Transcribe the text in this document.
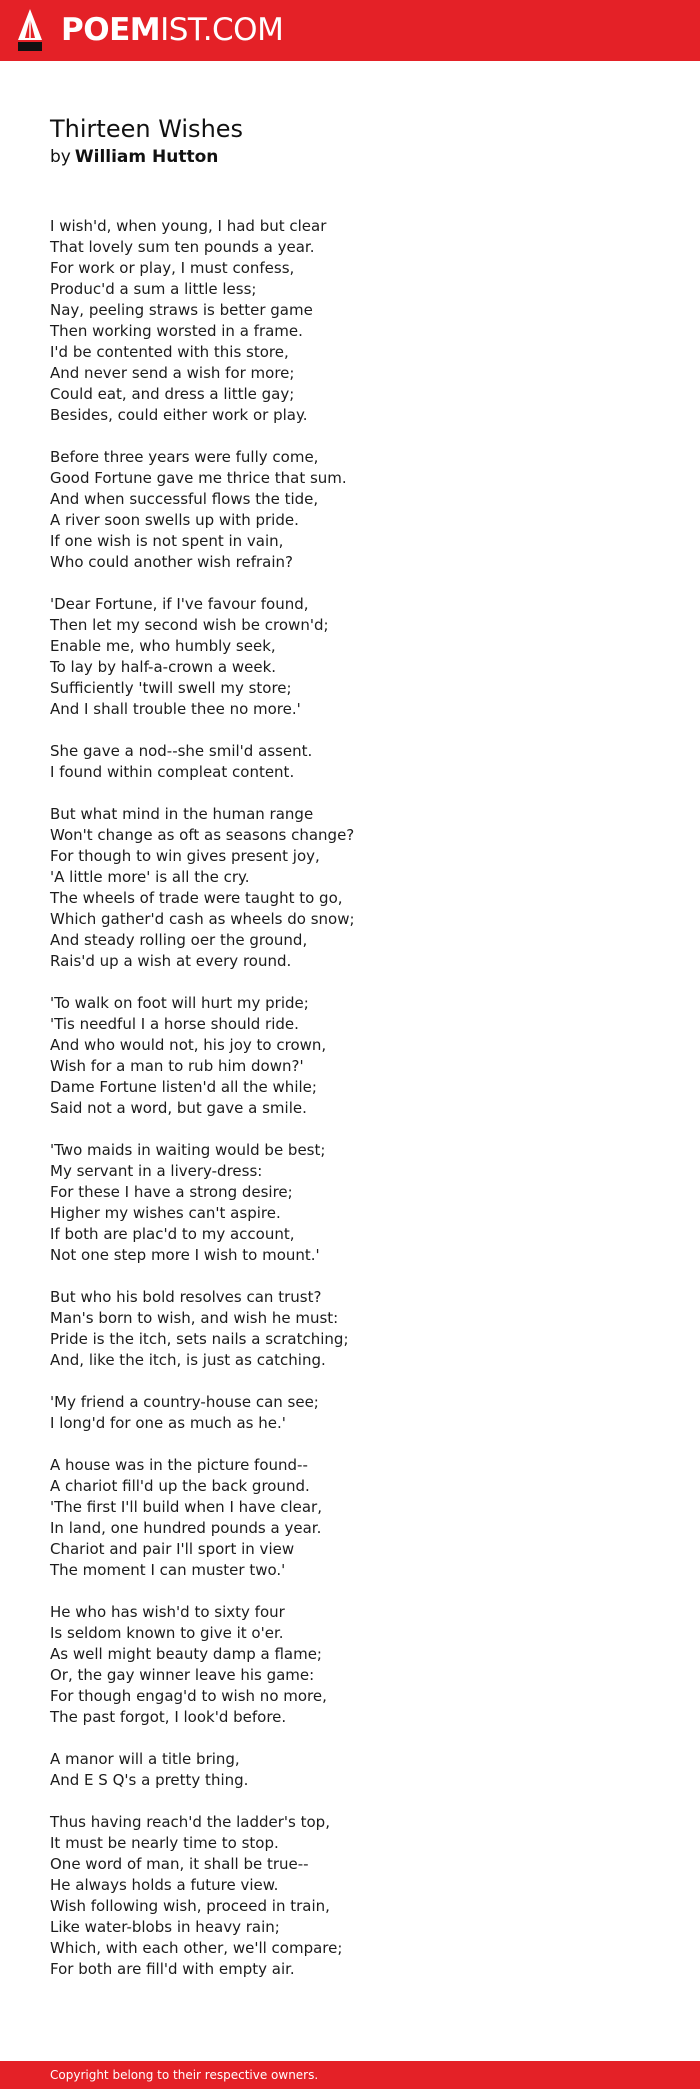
POEMIST.COM
Thirteen Wishes
by William Hutton
I wish'd, when young, I had but clear
That lovely sum ten pounds a year.
For work or play, I must confess,
Produc'd a sum a little less;
Nay, peeling straws is better game
Then working worsted in a frame.
I'd be contented with this store,
And never send a wish for more;
Could eat, and dress a little gay;
Besides, could either work or play.
Before three years were fully come,
Good Fortune gave me thrice that sum.
And when successful flows the tide,
A river soon swells up with pride.
If one wish is not spent in vain,
Who could another wish refrain?
'Dear Fortune, if I've favour found,
Then let my second wish be crown'd;
Enable me, who humbly seek,
To lay by half-a-crown a week.
Sufficiently 'twill swell my store;
And I shall trouble thee no more.'
She gave a nod--she smil'd assent.
I found within compleat content.
But what mind in the human range
Won't change as oft as seasons change?
For though to win gives present joy,
'A little more' is all the cry.
The wheels of trade were taught to go,
Which gather'd cash as wheels do snow;
And steady rolling oer the ground,
Rais'd up a wish at every round.
'To walk on foot will hurt my pride;
'Tis needful I a horse should ride.
And who would not, his joy to crown,
Wish for a man to rub him down?'
Dame Fortune listen'd all the while;
Said not a word, but gave a smile.
'Two maids in waiting would be best;
My servant in a livery-dress:
For these I have a strong desire;
Higher my wishes can't aspire.
If both are plac'd to my account,
Not one step more I wish to mount.'
But who his bold resolves can trust?
Man's born to wish, and wish he must:
Pride is the itch, sets nails a scratching;
And, like the itch, is just as catching.
'My friend a country-house can see;
I long'd for one as much as he.'
A house was in the picture found--
A chariot fill'd up the back ground.
'The first I'll build when I have clear,
In land, one hundred pounds a year.
Chariot and pair I'll sport in view
The moment I can muster two.'
He who has wish'd to sixty four
Is seldom known to give it o'er.
As well might beauty damp a flame;
Or, the gay winner leave his game:
For though engag'd to wish no more,
The past forgot, I look'd before.
A manor will a title bring,
And E S Q's a pretty thing.
Thus having reach'd the ladder's top,
It must be nearly time to stop.
One word of man, it shall be true--
He always holds a future view.
Wish following wish, proceed in train,
Like water-blobs in heavy rain;
Which, with each other, we'll compare;
For both are fill'd with empty air.
Copyright belong to their respective owners.
